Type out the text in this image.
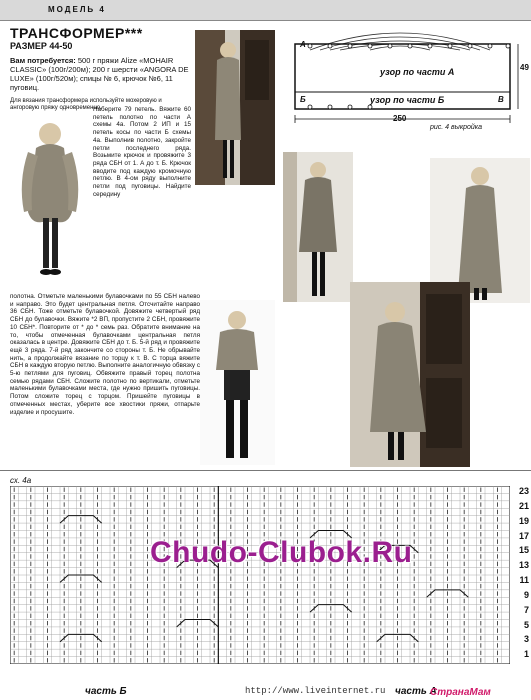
МОДЕЛЬ 4
ТРАНСФОРМЕР***
РАЗМЕР 44-50
Вам потребуется: 500 г пряжи Alize «MOHAIR CLASSIC» (100г/200м); 200 г шерсти «ANGORA DE LUXE» (100г/520м); спицы № 6, крючок №6, 11 пуговиц.
Для вязания трансформера используйте мохеровую и ангоровую пряжу одновременно.
Наберите 79 петель. Вяжите 60 петель полотно по части А схемы 4а. Потом 2 ИП и 15 петель косы по части Б схемы 4а. Выполнив полотно, закройте петли последнего ряда. Возьмите крючок и провяжите 3 ряда СБН от 1. А до т. Б. Крючок вводите под каждую кромочную петлю. В 4-ом ряду выполните петли под пуговицы. Найдите середину
узор по части А
узор по части Б
А
Б	В
250
49
рис. 4 выкройка
полотна. Отметьте маленькими булавочками по 55 СБН налево и направо. Это будет центральная петля. Отсчитайте направо 36 СБН. Тоже отметьте булавочкой. Довяжите четвертый ряд СБН до булавочки. Вяжите *2 ВП, пропустите 2 СБН, провяжите 10 СБН*. Повторите от * до * семь раз. Обратите внимание на то, чтобы отмеченная булавочками центральная петля оказалась в центре. Довяжите СБН до т. Б. 5-й ряд и провяжите ещё 3 ряда. 7-й ряд закончите со стороны т. Б. Не обрывайте нить, а продолжайте вязание по торцу к т. В. С торца вяжите СБН в каждую вторую петлю. Выполните аналогичную обвязку с 5-ю петлями для пуговиц. Обвяжите правый торец полотна семью рядами СБН. Сложите полотно по вертикали, отметьте маленькими булавочками места, где нужно пришить пуговицы. Потом сложите торец с торцом. Пришейте пуговицы в отмеченных местах, уберите все хвостики пряжи, отпарьте изделие и просушите.
сх. 4а
23
21
19
17
15
13
11
9
7
5
3
1
Chudo-Clubok.Ru
часть Б	http://www.liveinternet.ru часть А
СтранаМам
